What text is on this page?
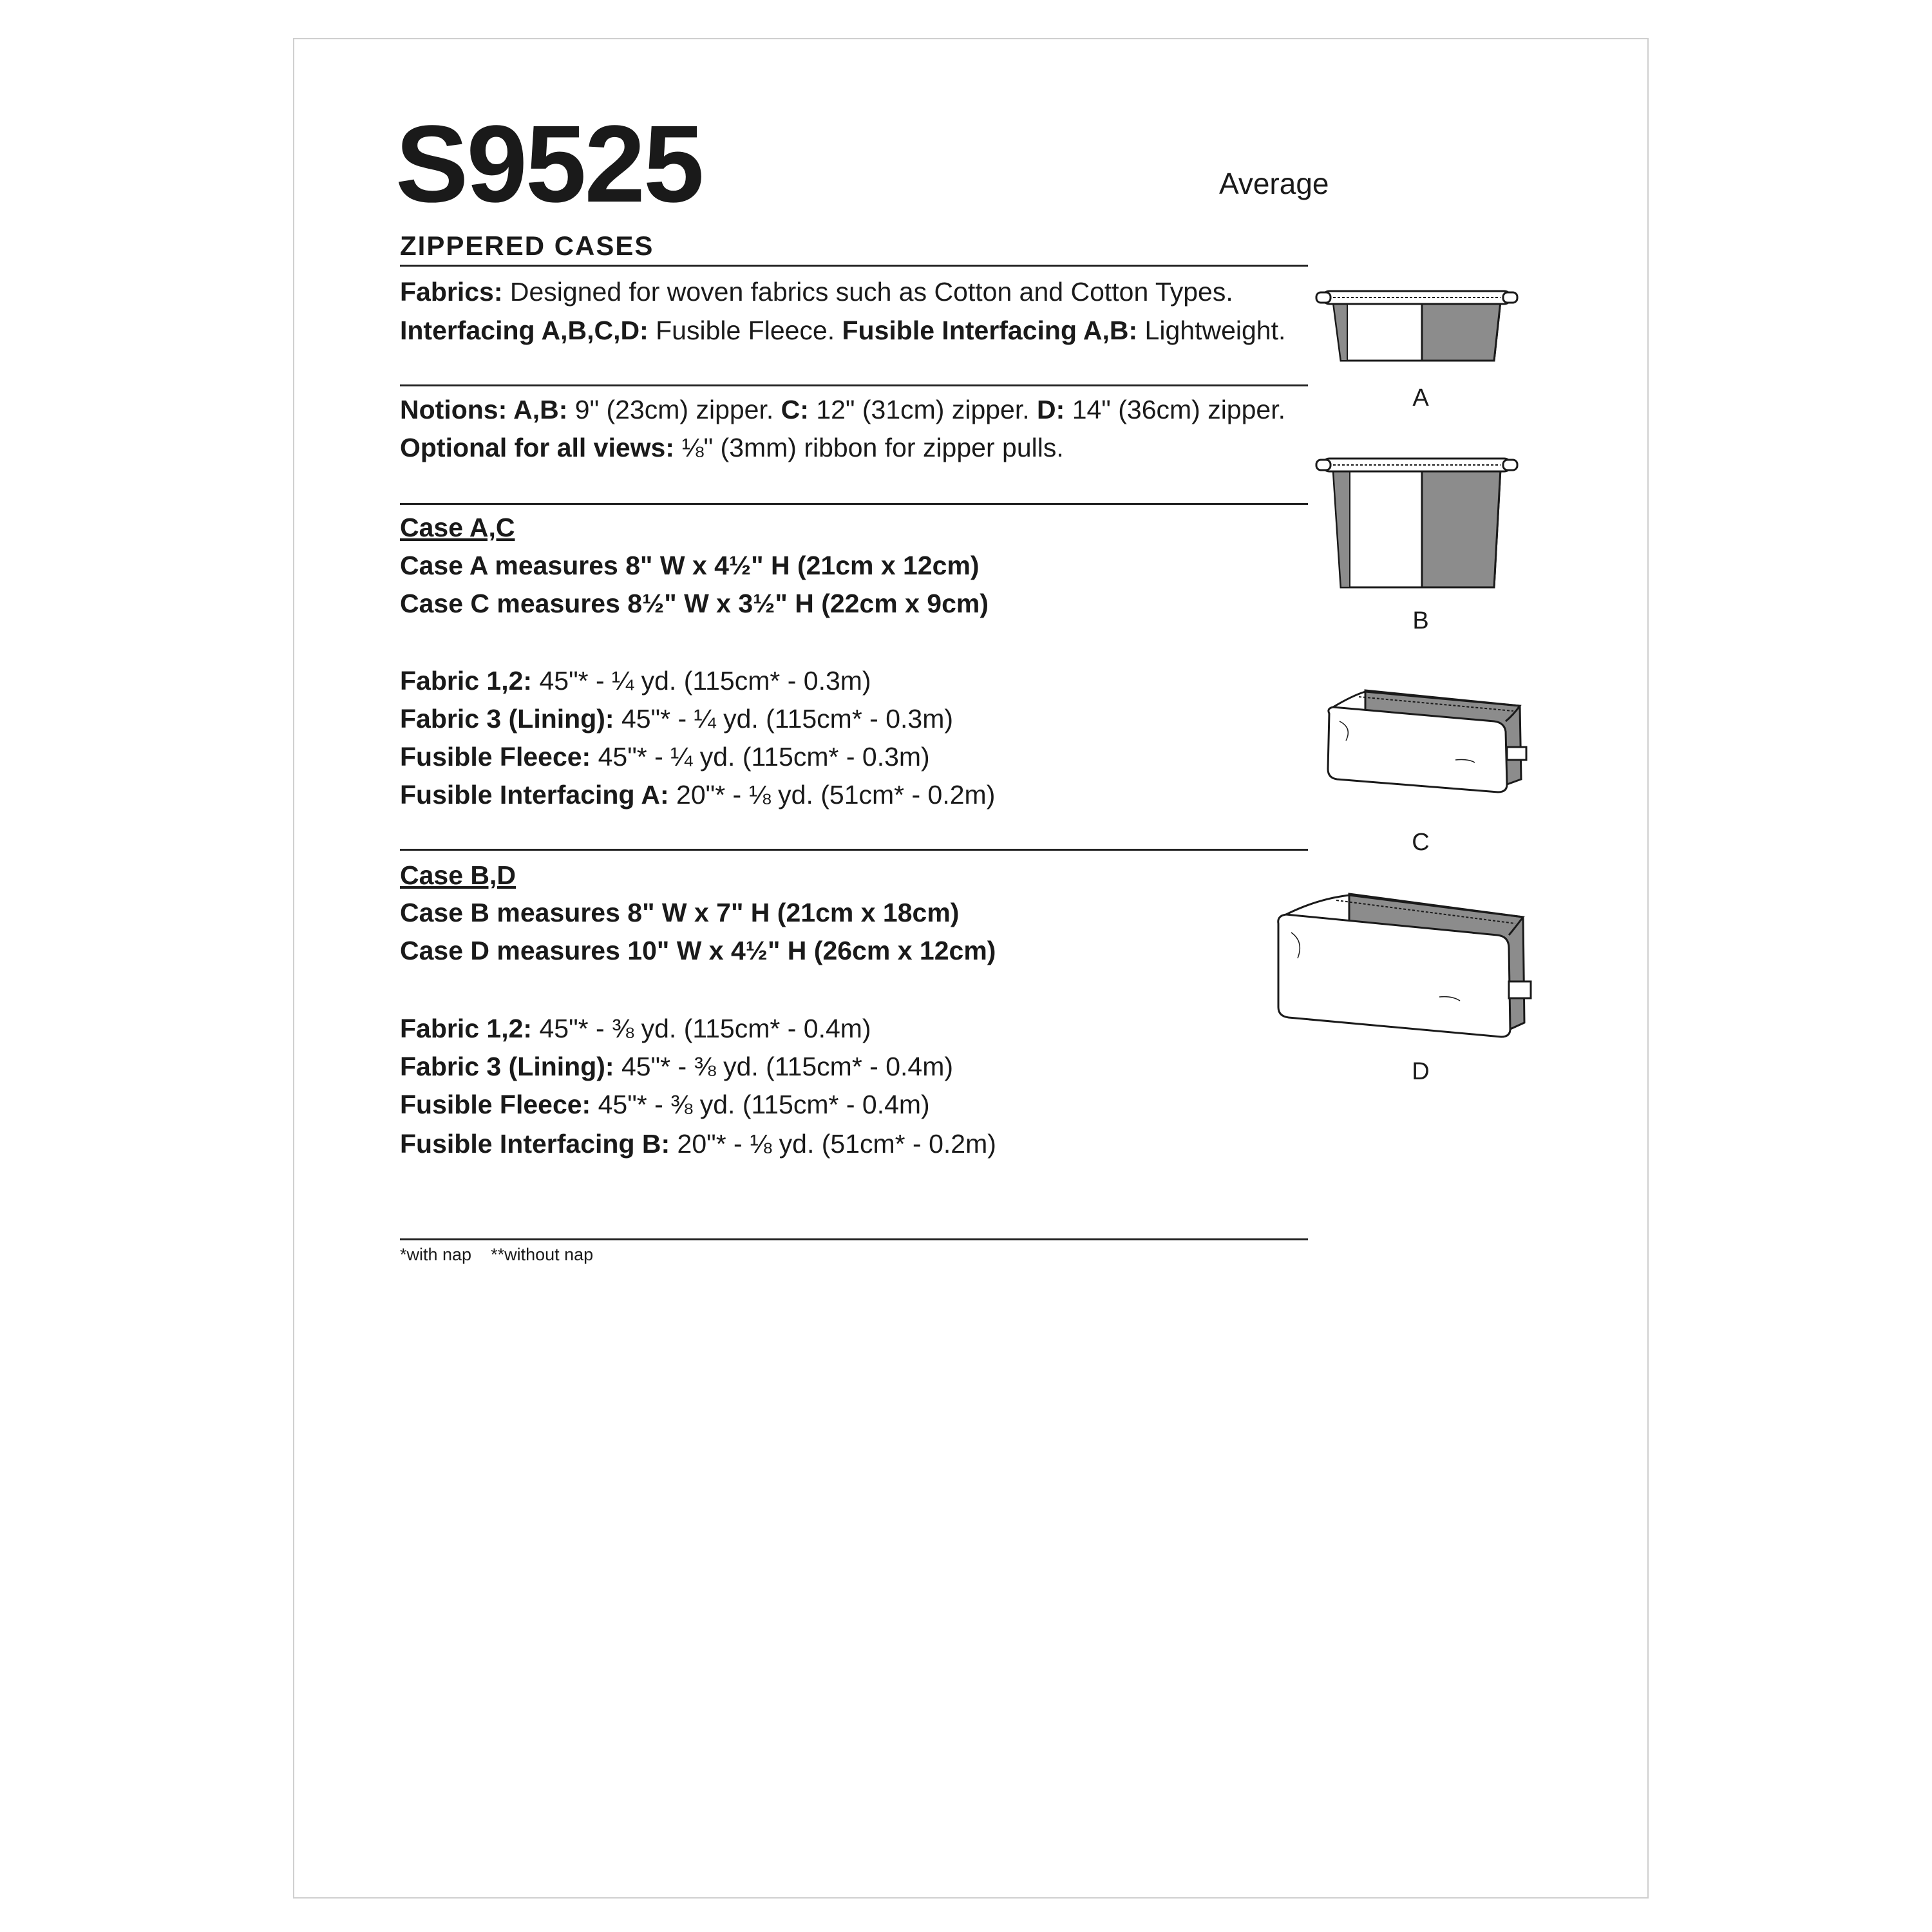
S9525	Average
ZIPPERED CASES
Fabrics: Designed for woven fabrics such as Cotton and Cotton Types.
Interfacing A,B,C,D: Fusible Fleece. Fusible Interfacing A,B: Lightweight.
Notions: A,B: 9" (23cm) zipper. C: 12" (31cm) zipper. D: 14" (36cm) zipper.
Optional for all views: ⅛" (3mm) ribbon for zipper pulls.
Case A,C
Case A measures 8" W x 4½" H (21cm x 12cm)
Case C measures 8½" W x 3½" H (22cm x 9cm)
Fabric 1,2: 45"* - ¼ yd. (115cm* - 0.3m)
Fabric 3 (Lining): 45"* - ¼ yd. (115cm* - 0.3m)
Fusible Fleece: 45"* - ¼ yd. (115cm* - 0.3m)
Fusible Interfacing A: 20"* - ⅛ yd. (51cm* - 0.2m)
Case B,D
Case B measures 8" W x 7" H (21cm x 18cm)
Case D measures 10" W x 4½" H (26cm x 12cm)
Fabric 1,2: 45"* - ⅜ yd. (115cm* - 0.4m)
Fabric 3 (Lining): 45"* - ⅜ yd. (115cm* - 0.4m)
Fusible Fleece: 45"* - ⅜ yd. (115cm* - 0.4m)
Fusible Interfacing B: 20"* - ⅛ yd. (51cm* - 0.2m)
*with nap **without nap
A
B
C
D
